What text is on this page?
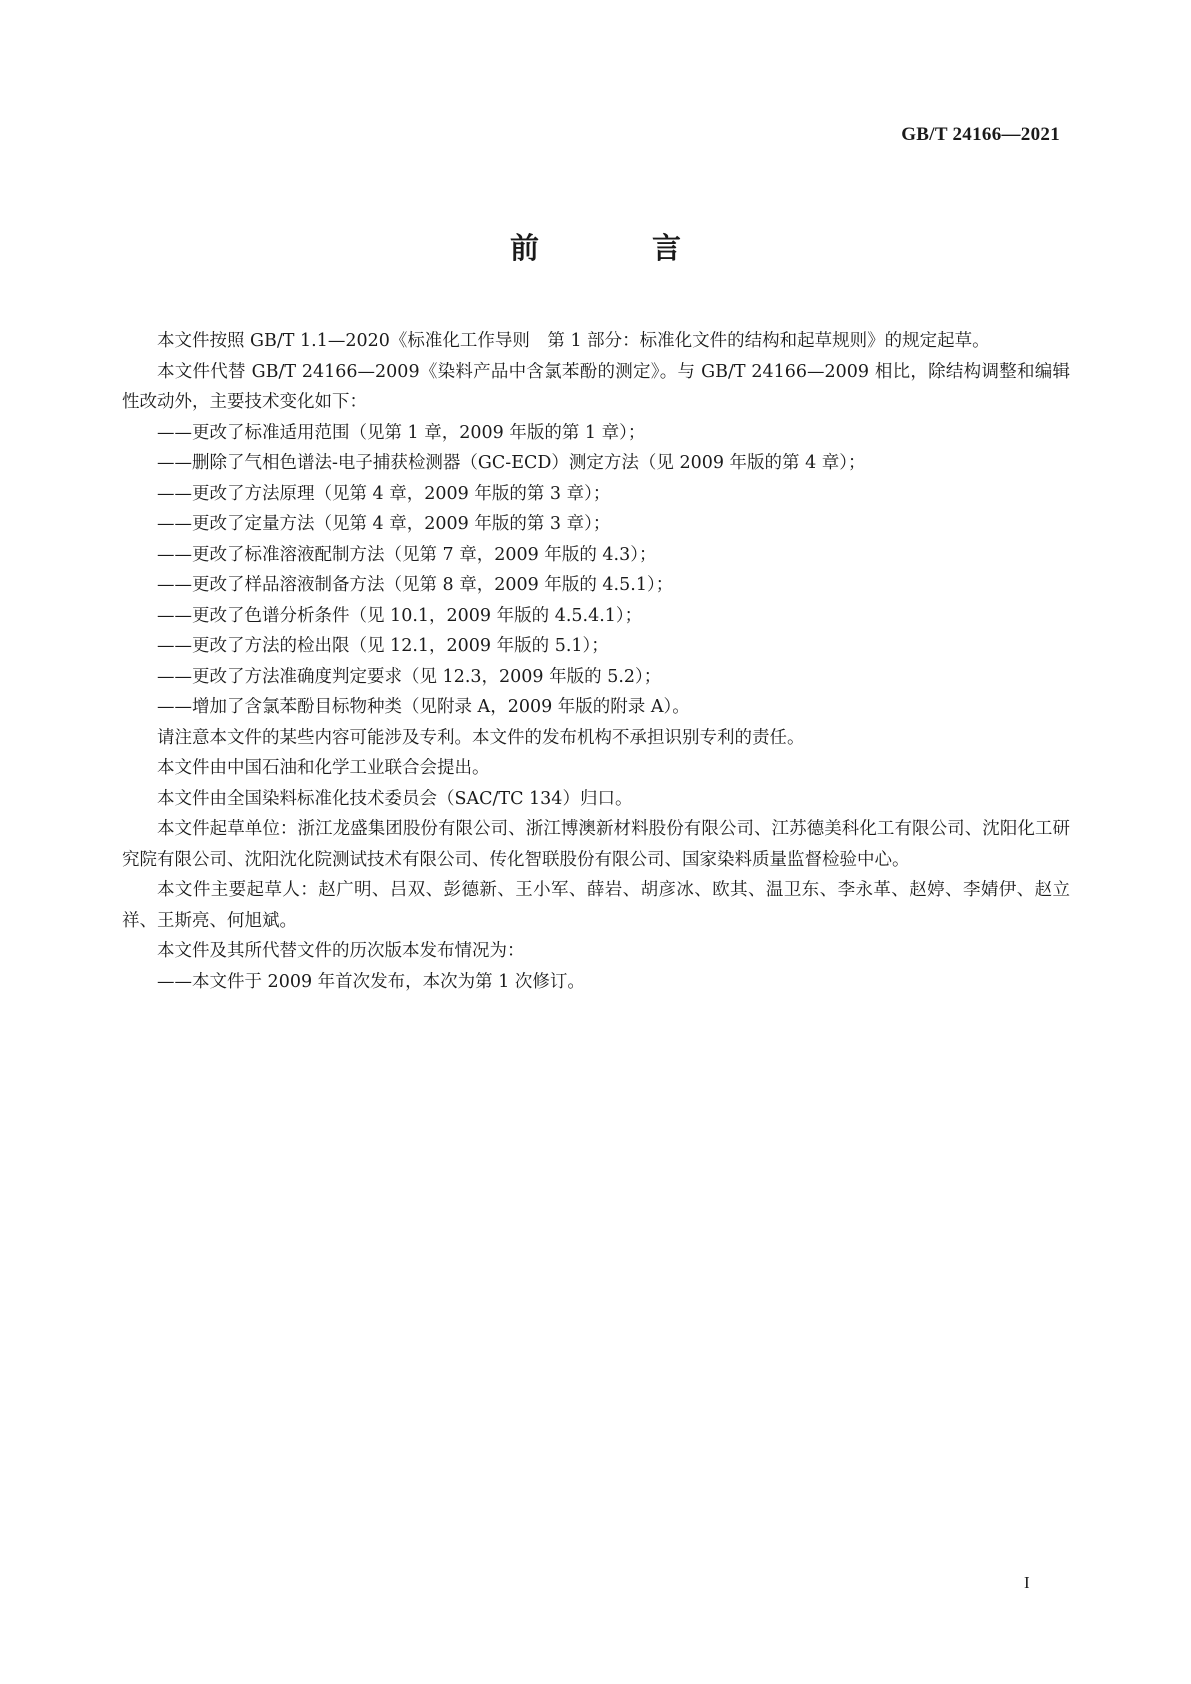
GB/T 24166—2021
前　言

本文件按照 GB/T 1.1—2020《标准化工作导则　第 1 部分：标准化文件的结构和起草规则》的规定起草。

本文件代替 GB/T 24166—2009《染料产品中含氯苯酚的测定》。与 GB/T 24166—2009 相比，除结构调整和编辑性改动外，主要技术变化如下：

——更改了标准适用范围（见第 1 章，2009 年版的第 1 章）；

——删除了气相色谱法-电子捕获检测器（GC-ECD）测定方法（见 2009 年版的第 4 章）；

——更改了方法原理（见第 4 章，2009 年版的第 3 章）；

——更改了定量方法（见第 4 章，2009 年版的第 3 章）；

——更改了标准溶液配制方法（见第 7 章，2009 年版的 4.3）；

——更改了样品溶液制备方法（见第 8 章，2009 年版的 4.5.1）；

——更改了色谱分析条件（见 10.1，2009 年版的 4.5.4.1）；

——更改了方法的检出限（见 12.1，2009 年版的 5.1）；

——更改了方法准确度判定要求（见 12.3，2009 年版的 5.2）；

——增加了含氯苯酚目标物种类（见附录 A，2009 年版的附录 A）。

请注意本文件的某些内容可能涉及专利。本文件的发布机构不承担识别专利的责任。

本文件由中国石油和化学工业联合会提出。

本文件由全国染料标准化技术委员会（SAC/TC 134）归口。

本文件起草单位：浙江龙盛集团股份有限公司、浙江博澳新材料股份有限公司、江苏德美科化工有限公司、沈阳化工研究院有限公司、沈阳沈化院测试技术有限公司、传化智联股份有限公司、国家染料质量监督检验中心。

本文件主要起草人：赵广明、吕双、彭德新、王小军、薛岩、胡彦冰、欧其、温卫东、李永革、赵婷、李婧伊、赵立祥、王斯亮、何旭斌。

本文件及其所代替文件的历次版本发布情况为：

——本文件于 2009 年首次发布，本次为第 1 次修订。

I
